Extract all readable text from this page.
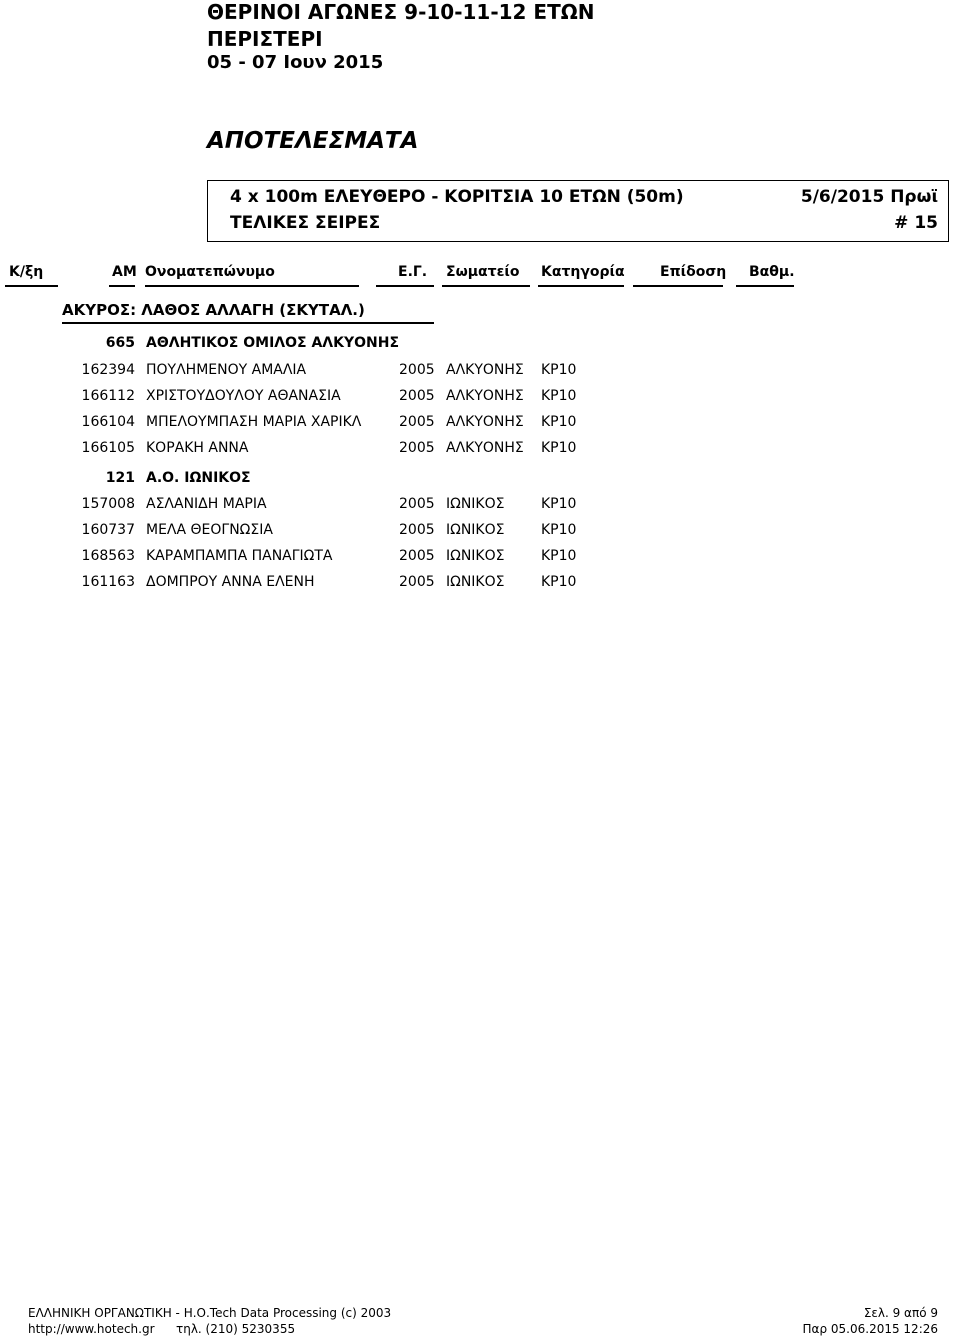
ΘΕΡΙΝΟΙ ΑΓΩΝΕΣ 9-10-11-12 ΕΤΩΝ
ΠΕΡΙΣΤΕΡΙ
05 - 07 Ιουν 2015
ΑΠΟΤΕΛΕΣΜΑΤΑ
4 x 100m ΕΛΕΥΘΕΡΟ - ΚΟΡΙΤΣΙΑ 10 ΕΤΩΝ (50m)	5/6/2015 Πρωϊ
ΤΕΛΙΚΕΣ ΣΕΙΡΕΣ	# 15
Κ/ξη	ΑΜ Ονοματεπώνυμο	Ε.Γ. Σωματείο Κατηγορία	Επίδοση Βαθμ.
ΑΚΥΡΟΣ: ΛΑΘΟΣ ΑΛΛΑΓΗ (ΣΚΥΤΑΛ.)
665 ΑΘΛΗΤΙΚΟΣ ΟΜΙΛΟΣ ΑΛΚΥΟΝΗΣ
162394 ΠΟΥΛΗΜΕΝΟΥ ΑΜΑΛΙΑ	2005 ΑΛΚΥΟΝΗΣ ΚΡ10
166112 ΧΡΙΣΤΟΥΔΟΥΛΟΥ ΑΘΑΝΑΣΙΑ	2005 ΑΛΚΥΟΝΗΣ ΚΡ10
166104 ΜΠΕΛΟΥΜΠΑΣΗ ΜΑΡΙΑ ΧΑΡΙΚΛ	2005 ΑΛΚΥΟΝΗΣ ΚΡ10
166105 ΚΟΡΑΚΗ ΑΝΝΑ	2005 ΑΛΚΥΟΝΗΣ ΚΡ10
121 Α.Ο. ΙΩΝΙΚΟΣ
157008 ΑΣΛΑΝΙΔΗ ΜΑΡΙΑ	2005 ΙΩΝΙΚΟΣ	ΚΡ10
160737 ΜΕΛΑ ΘΕΟΓΝΩΣΙΑ	2005 ΙΩΝΙΚΟΣ	ΚΡ10
168563 ΚΑΡΑΜΠΑΜΠΑ ΠΑΝΑΓΙΩΤΑ	2005 ΙΩΝΙΚΟΣ	ΚΡ10
161163 ΔΟΜΠΡΟΥ ΑΝΝΑ ΕΛΕΝΗ	2005 ΙΩΝΙΚΟΣ	ΚΡ10
ΕΛΛΗΝΙΚΗ ΟΡΓΑΝΩΤΙΚΗ - Η.Ο.Tech Data Processing (c) 2003
http://www.hotech.gr τηλ. (210) 5230355
Σελ. 9 από 9
Παρ 05.06.2015 12:26
